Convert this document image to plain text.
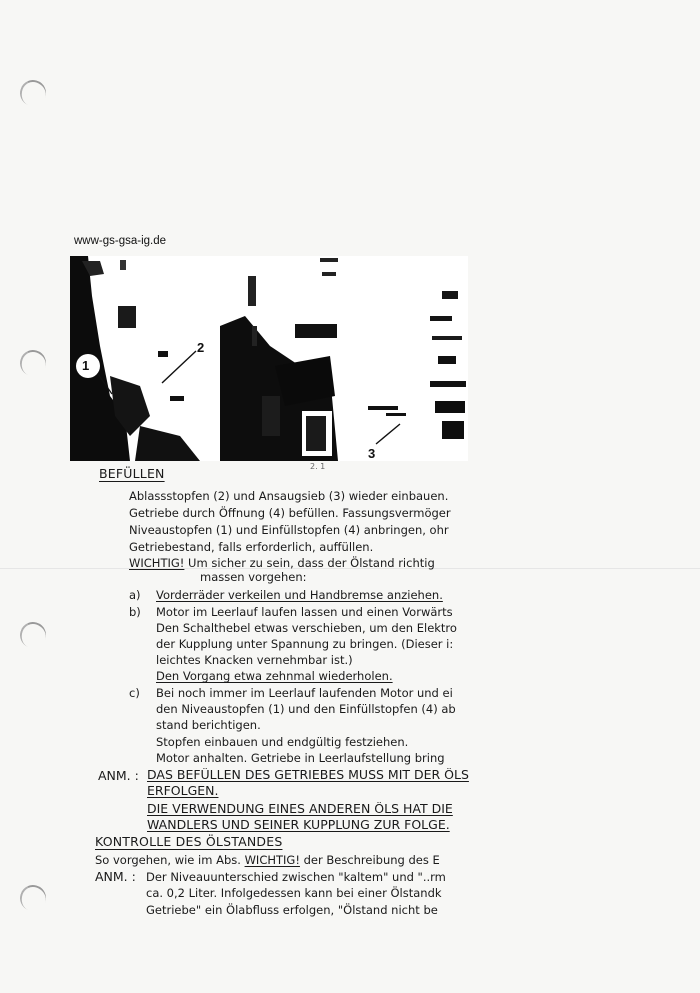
www-gs-gsa-ig.de
1
2
3
2. 1
BEFÜLLEN
Ablassstopfen (2) und Ansaugsieb (3) wieder einbauen.
Getriebe durch Öffnung (4) befüllen. Fassungsvermöger
Niveaustopfen (1) und Einfüllstopfen (4) anbringen, ohr
Getriebestand, falls erforderlich, auffüllen.
WICHTIG! Um sicher zu sein, dass der Ölstand richtig
massen vorgehen:
a) Vorderräder verkeilen und Handbremse anziehen.
b) Motor im Leerlauf laufen lassen und einen Vorwärts
Den Schalthebel etwas verschieben, um den Elektro
der Kupplung unter Spannung zu bringen. (Dieser i:
leichtes Knacken vernehmbar ist.)
Den Vorgang etwa zehnmal wiederholen.
c) Bei noch immer im Leerlauf laufenden Motor und ei
den Niveaustopfen (1) und den Einfüllstopfen (4) ab
stand berichtigen.
Stopfen einbauen und endgültig festziehen.
Motor anhalten. Getriebe in Leerlaufstellung bring
ANM. : DAS BEFÜLLEN DES GETRIEBES MUSS MIT DER ÖLS
ERFOLGEN.
DIE VERWENDUNG EINES ANDEREN ÖLS HAT DIE
WANDLERS UND SEINER KUPPLUNG ZUR FOLGE.
KONTROLLE DES ÖLSTANDES
So vorgehen, wie im Abs. WICHTIG! der Beschreibung des E
ANM. : Der Niveauunterschied zwischen "kaltem" und "..rm
ca. 0,2 Liter. Infolgedessen kann bei einer Ölstandk
Getriebe" ein Ölabfluss erfolgen, "Ölstand nicht be
